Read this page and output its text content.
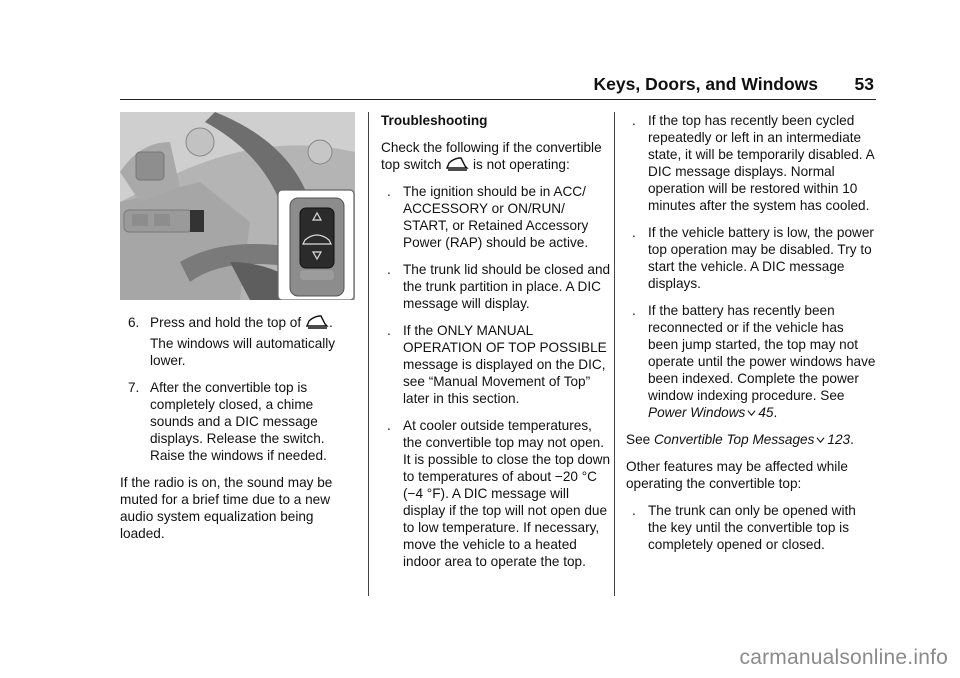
Keys, Doors, and Windows 53
6. Press and hold the top of .
The windows will automatically lower.
7. After the convertible top is completely closed, a chime sounds and a DIC message displays. Release the switch. Raise the windows if needed.
If the radio is on, the sound may be muted for a brief time due to a new audio system equalization being loaded.
Troubleshooting
Check the following if the convertible top switch is not operating:
. The ignition should be in ACC/ ACCESSORY or ON/RUN/ START, or Retained Accessory Power (RAP) should be active.
. The trunk lid should be closed and the trunk partition in place. A DIC message will display.
. If the ONLY MANUAL OPERATION OF TOP POSSIBLE message is displayed on the DIC, see “Manual Movement of Top” later in this section.
. At cooler outside temperatures, the convertible top may not open. It is possible to close the top down to temperatures of about −20 °C (−4 °F). A DIC message will display if the top will not open due to low temperature. If necessary, move the vehicle to a heated indoor area to operate the top.
. If the top has recently been cycled repeatedly or left in an intermediate state, it will be temporarily disabled. A DIC message displays. Normal operation will be restored within 10 minutes after the system has cooled.
. If the vehicle battery is low, the power top operation may be disabled. Try to start the vehicle. A DIC message displays.
. If the battery has recently been reconnected or if the vehicle has been jump started, the top may not operate until the power windows have been indexed. Complete the power window indexing procedure. See Power Windows 45.
See Convertible Top Messages 123.
Other features may be affected while operating the convertible top:
. The trunk can only be opened with the key until the convertible top is completely opened or closed.
carmanualsonline.info
